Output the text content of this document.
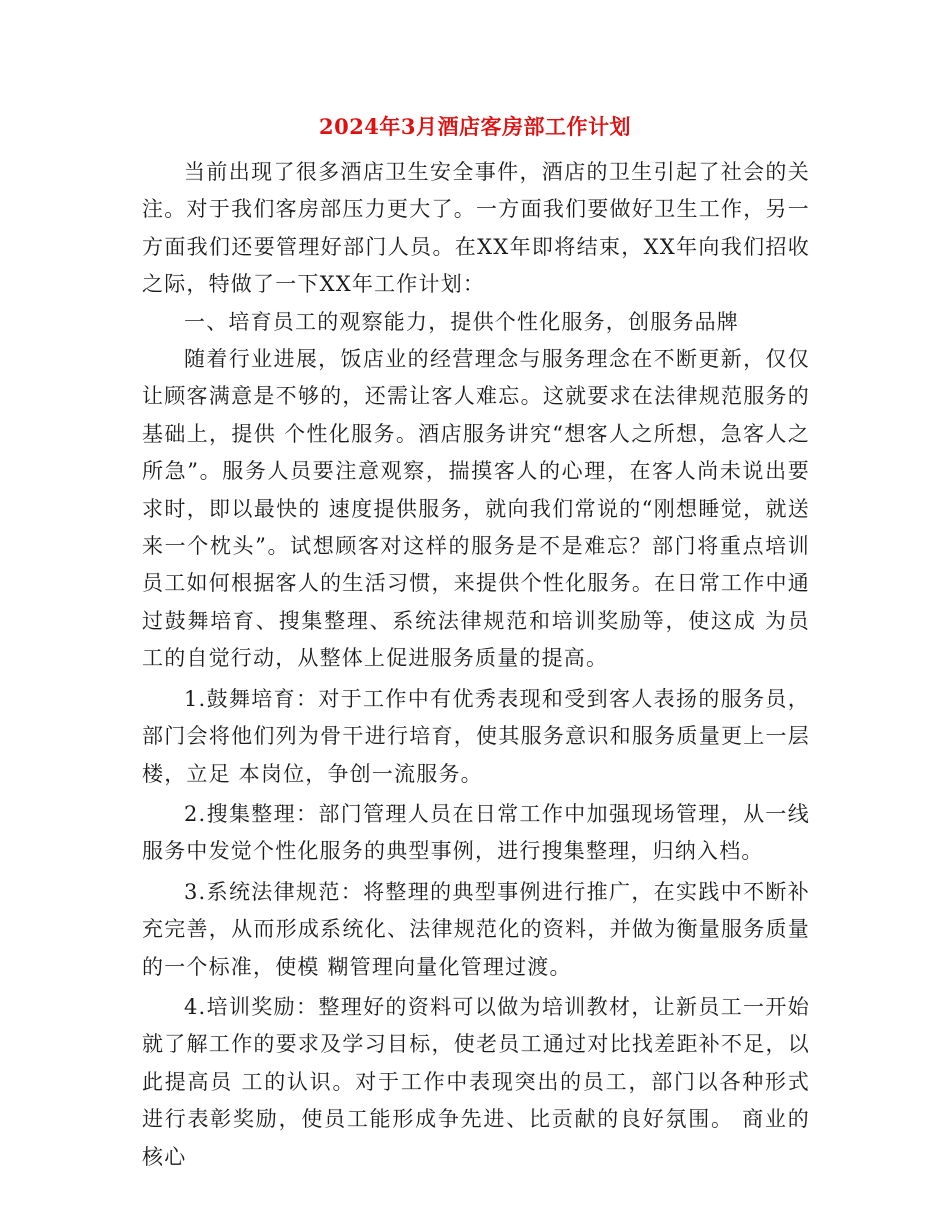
2024年3月酒店客房部工作计划

当前出现了很多酒店卫生安全事件，酒店的卫生引起了社会的关注。对于我们客房部压力更大了。一方面我们要做好卫生工作，另一方面我们还要管理好部门人员。在XX年即将结束，XX年向我们招收之际，特做了一下XX年工作计划：

一、培育员工的观察能力，提供个性化服务，创服务品牌

随着行业进展，饭店业的经营理念与服务理念在不断更新，仅仅让顾客满意是不够的，还需让客人难忘。这就要求在法律规范服务的基础上，提供 个性化服务。酒店服务讲究“想客人之所想，急客人之所急”。服务人员要注意观察，揣摸客人的心理，在客人尚未说出要求时，即以最快的 速度提供服务，就向我们常说的“刚想睡觉，就送来一个枕头”。试想顾客对这样的服务是不是难忘？部门将重点培训员工如何根据客人的生活习惯，来提供个性化服务。在日常工作中通过鼓舞培育、搜集整理、系统法律规范和培训奖励等，使这成 为员工的自觉行动，从整体上促进服务质量的提高。

1.鼓舞培育：对于工作中有优秀表现和受到客人表扬的服务员，部门会将他们列为骨干进行培育，使其服务意识和服务质量更上一层楼，立足 本岗位，争创一流服务。

2.搜集整理：部门管理人员在日常工作中加强现场管理，从一线服务中发觉个性化服务的典型事例，进行搜集整理，归纳入档。

3.系统法律规范：将整理的典型事例进行推广，在实践中不断补充完善，从而形成系统化、法律规范化的资料，并做为衡量服务质量的一个标准，使模 糊管理向量化管理过渡。

4.培训奖励：整理好的资料可以做为培训教材，让新员工一开始就了解工作的要求及学习目标，使老员工通过对比找差距补不足，以此提高员 工的认识。对于工作中表现突出的员工，部门以各种形式进行表彰奖励，使员工能形成争先进、比贡献的良好氛围。 商业的核心
